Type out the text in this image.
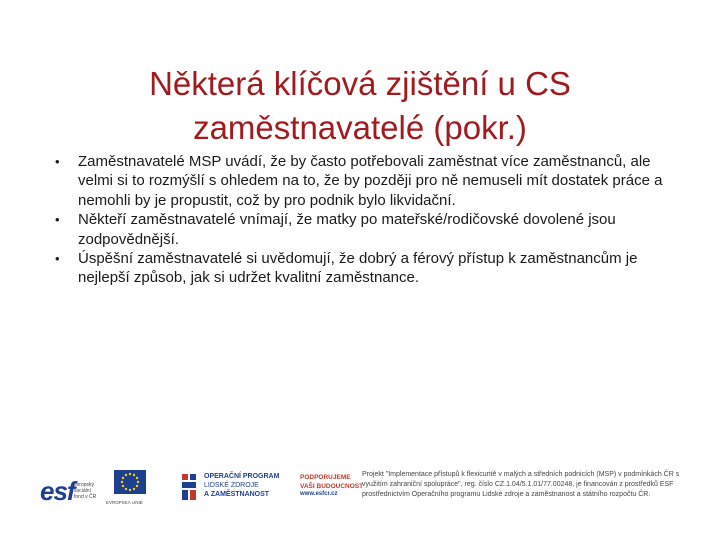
Některá klíčová zjištění u CS
zaměstnavatelé (pokr.)
• Zaměstnavatelé MSP uvádí, že by často potřebovali zaměstnat více zaměstnanců, ale velmi si to rozmýšlí s ohledem na to, že by později pro ně nemuseli mít dostatek práce a nemohli by je propustit, což by pro podnik bylo likvidační.
• Někteří zaměstnavatelé vnímají, že matky po mateřské/rodičovské dovolené jsou zodpovědnější.
• Úspěšní zaměstnavatelé si uvědomují, že dobrý a férový přístup k zaměstnancům je nejlepší způsob, jak si udržet kvalitní zaměstnance.
esf evropský sociální fond v ČR
EVROPSKÁ UNIE
OPERAČNÍ PROGRAM
LIDSKÉ ZDROJE
A ZAMĚSTNANOST
PODPORUJEME
VAŠI BUDOUCNOST
www.esfcr.cz
Projekt "Implementace přístupů k flexicuritě v malých a středních podnicích (MSP) v podmínkách ČR s využitím zahraniční spolupráce", reg. číslo CZ.1.04/5.1.01/77.00248, je financován z prostředků ESF prostřednictvím Operačního programu Lidské zdroje a zaměstnanost a státního rozpočtu ČR.
